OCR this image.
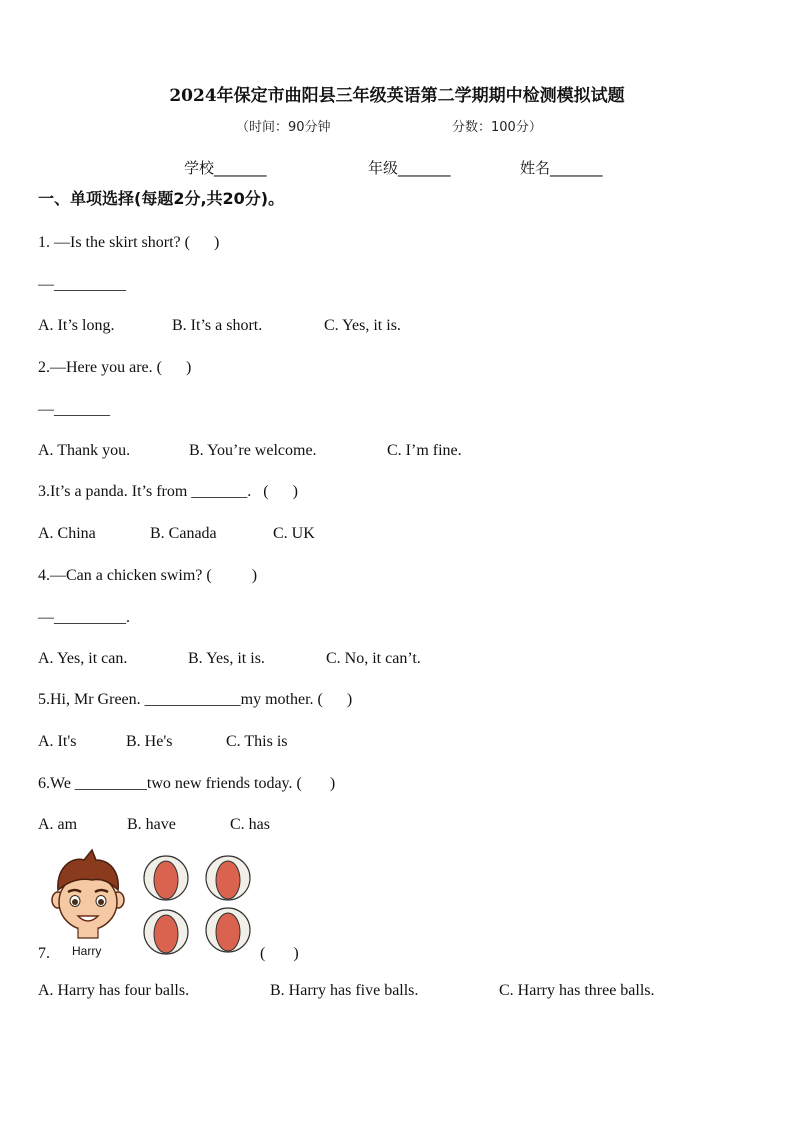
2024年保定市曲阳县三年级英语第二学期期中检测模拟试题
（时间：90分钟	分数：100分）
学校_______	年级_______	姓名_______
一、单项选择(每题2分,共20分)。
1. —Is the skirt short? (      )
—_________
A. It’s long.	B. It’s a short.	C. Yes, it is.
2.—Here you are. (      )
—_______
A. Thank you.	B. You’re welcome.	C. I’m fine.
3.It’s a panda. It’s from _______.   (      )
A. China	B. Canada	C. UK
4.—Can a chicken swim? (          )
—_________.
A. Yes, it can.	B. Yes, it is.	C. No, it can’t.
5.Hi, Mr Green. ____________my mother. (      )
A. It's	B. He's	C. This is
6.We _________two new friends today. (       )
A. am	B. have	C. has
7. Harry	(       )
A. Harry has four balls.	B. Harry has five balls.	C. Harry has three balls.
